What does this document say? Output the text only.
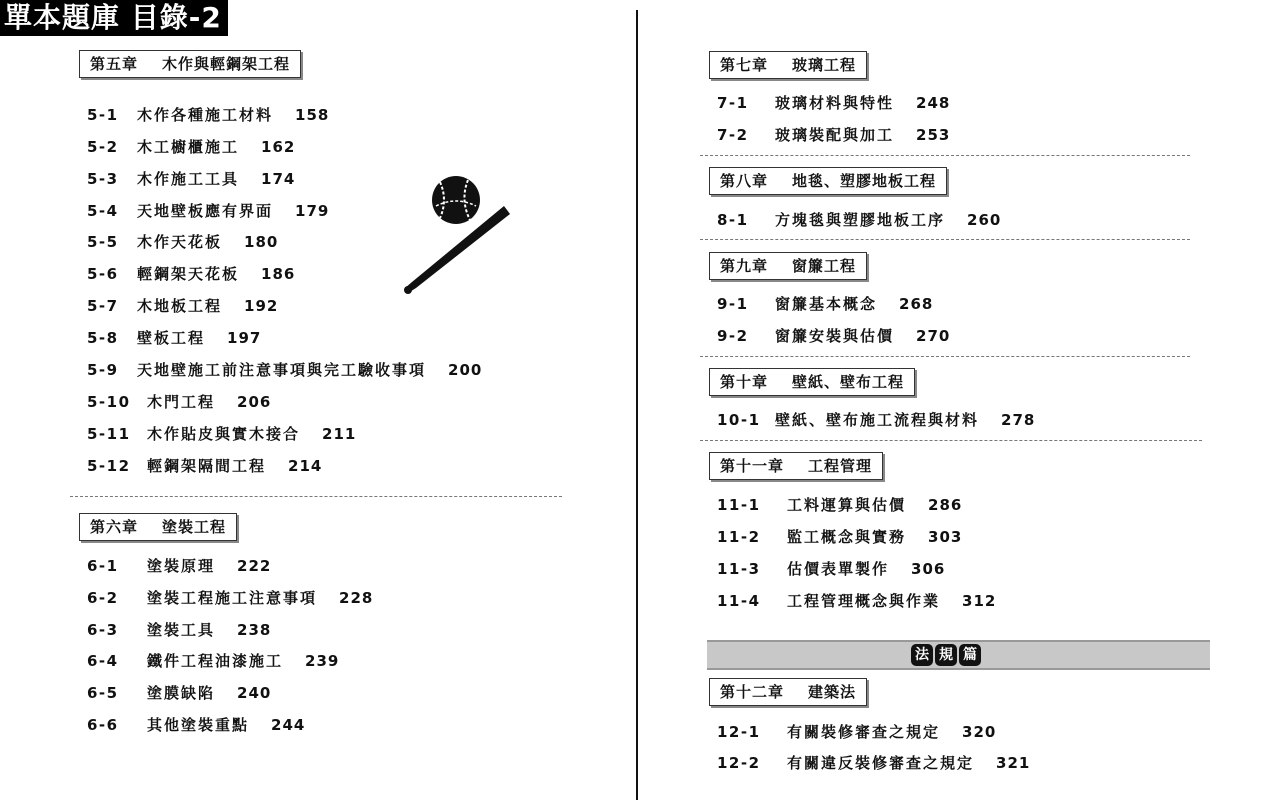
單本題庫 目錄-2
第五章 木作與輕鋼架工程
5-1 木作各種施工材料 158
5-2 木工櫥櫃施工 162
5-3 木作施工工具 174
5-4 天地壁板應有界面 179
5-5 木作天花板 180
5-6 輕鋼架天花板 186
5-7 木地板工程 192
5-8 壁板工程 197
5-9 天地壁施工前注意事項與完工驗收事項 200
5-10 木門工程 206
5-11 木作貼皮與實木接合 211
5-12 輕鋼架隔間工程 214
第六章 塗裝工程
6-1 塗裝原理 222
6-2 塗裝工程施工注意事項 228
6-3 塗裝工具 238
6-4 鐵件工程油漆施工 239
6-5 塗膜缺陷 240
6-6 其他塗裝重點 244
第七章 玻璃工程
7-1 玻璃材料與特性 248
7-2 玻璃裝配與加工 253
第八章 地毯、塑膠地板工程
8-1 方塊毯與塑膠地板工序 260
第九章 窗簾工程
9-1 窗簾基本概念 268
9-2 窗簾安裝與估價 270
第十章 壁紙、壁布工程
10-1 壁紙、壁布施工流程與材料 278
第十一章 工程管理
11-1 工料運算與估價 286
11-2 監工概念與實務 303
11-3 估價表單製作 306
11-4 工程管理概念與作業 312
法 規 篇
第十二章 建築法
12-1 有關裝修審查之規定 320
12-2 有關違反裝修審查之規定 321
